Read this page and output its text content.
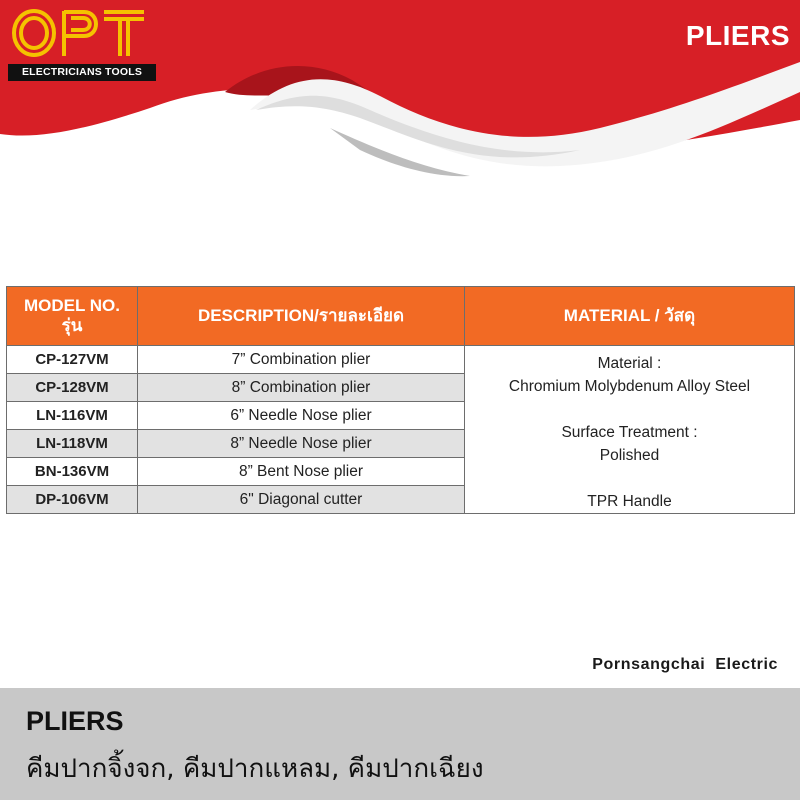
ELECTRICIANS TOOLS
PLIERS
MODEL NO.
รุ่น	DESCRIPTION/รายละเอียด	MATERIAL / วัสดุ
CP-127VM	7” Combination plier	Material :
Chromium Molybdenum Alloy Steel
Surface Treatment :
Polished
TPR Handle

CP-128VM	8” Combination plier	
LN-116VM	6” Needle Nose plier	
LN-118VM	8” Needle Nose plier	
BN-136VM	8” Bent Nose plier	
DP-106VM	6" Diagonal cutter	
Pornsangchai  Electric
PLIERS
คีมปากจิ้งจก, คีมปากแหลม, คีมปากเฉียง
